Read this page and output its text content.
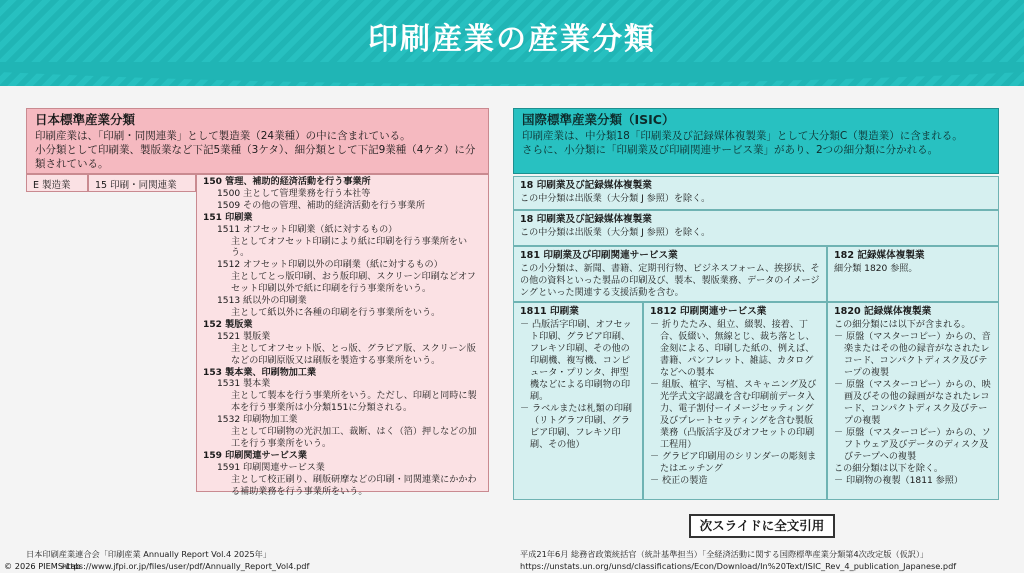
印刷産業の産業分類
日本標準産業分類
印刷産業は、「印刷・同関連業」として製造業（24業種）の中に含まれている。
小分類として印刷業、製版業など下記5業種（3ケタ）、細分類として下記9業種（4ケタ）に分類されている。
E 製造業	15 印刷・同関連業	150 管理、補助的経済活動を行う事業所
1500 主として管理業務を行う本社等
1509 その他の管理、補助的経済活動を行う事業所
151 印刷業
1511 オフセット印刷業（紙に対するもの）
主としてオフセット印刷により紙に印刷を行う事業所をいう。
1512 オフセット印刷以外の印刷業（紙に対するもの）
主としてとっ版印刷、おう版印刷、スクリーン印刷などオフセット印刷以外で紙に印刷を行う事業所をいう。
1513 紙以外の印刷業
主として紙以外に各種の印刷を行う事業所をいう。
152 製版業
1521 製版業
主としてオフセット版、とっ版、グラビア版、スクリーン版などの印刷原版又は刷版を製造する事業所をいう。
153 製本業、印刷物加工業
1531 製本業
主として製本を行う事業所をいう。ただし、印刷と同時に製本を行う事業所は小分類151に分類される。
1532 印刷物加工業
主として印刷物の光沢加工、裁断、はく（箔）押しなどの加工を行う事業所をいう。
159 印刷関連サービス業
1591 印刷関連サービス業
主として校正刷り、刷版研摩などの印刷・同関連業にかかわる補助業務を行う事業所をいう。
国際標準産業分類（ISIC）
印刷産業は、中分類18「印刷業及び記録媒体複製業」として大分類C（製造業）に含まれる。
さらに、小分類に「印刷業及び印刷関連サービス業」があり、2つの細分類に分かれる。
18 印刷業及び記録媒体複製業
この中分類は出版業（大分類 J 参照）を除く。
18 印刷業及び記録媒体複製業
この中分類は出版業（大分類 J 参照）を除く。
181 印刷業及び印刷関連サービス業
この小分類は、新聞、書籍、定期刊行物、ビジネスフォーム、挨拶状、その他の資料といった製品の印刷及び、製本、製版業務、データのイメージングといった関連する支援活動を含む。
182 記録媒体複製業
細分類 1820 参照。
1811 印刷業
－ 凸版活字印刷、オフセット印刷、グラビア印刷、フレキソ印刷、その他の印刷機、複写機、コンピュータ・プリンタ、押型機などによる印刷物の印刷。
－ ラベルまたは札類の印刷（リトグラフ印刷、グラビア印刷、フレキソ印刷、その他）
1812 印刷関連サービス業
－ 折りたたみ、組立、綴製、接着、丁合、仮綴い、無線とじ、裁ち落とし、金刻による、印刷した紙の、例えば、書籍、パンフレット、雑誌、カタログなどへの製本
－ 組版、植字、写植、スキャニング及び光学式文字認識を含む印刷前データ入力、電子割付ーイメージセッティング及びプレートセッティングを含む製版業務（凸版活字及びオフセットの印刷工程用）
－ グラビア印刷用のシリンダーの彫刻またはエッチング
－ 校正の製造
1820 記録媒体複製業
この細分類には以下が含まれる。
－ 原盤（マスターコピー）からの、音楽またはその他の録音がなされたレコード、コンパクトディスク及びテープの複製
－ 原盤（マスターコピー）からの、映画及びその他の録画がなされたレコード、コンパクトディスク及びテープの複製
－ 原盤（マスターコピー）からの、ソフトウェア及びデータのディスク及びテープへの複製
この細分類は以下を除く。
－ 印刷物の複製（1811 参照）
次スライドに全文引用
日本印刷産業連合会「印刷産業 Annually Report Vol.4 2025年」
https://www.jfpi.or.jp/files/user/pdf/Annually_Report_Vol4.pdf
© 2026 PIEMS-Lab
平成21年6月 総務省政策統括官（統計基準担当）「全経済活動に関する国際標準産業分類第4次改定版（仮訳）」
https://unstats.un.org/unsd/classifications/Econ/Download/In%20Text/ISIC_Rev_4_publication_Japanese.pdf
